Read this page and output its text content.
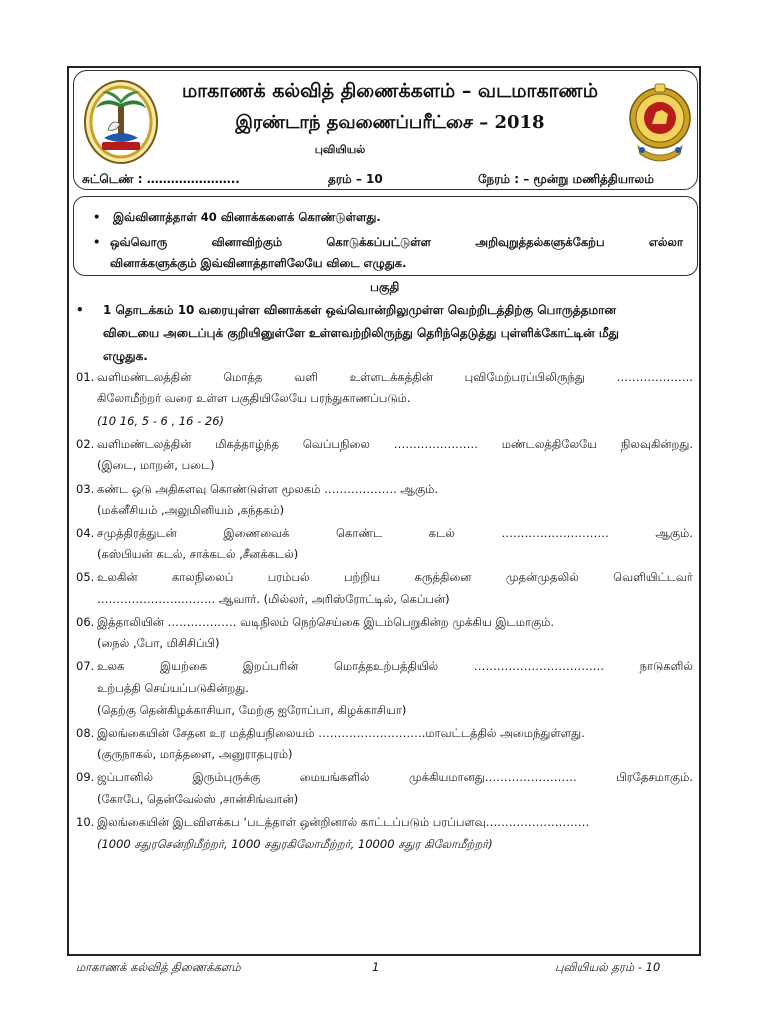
மாகாணக் கல்வித் திணைக்களம் – வடமாகாணம்
இரண்டாந் தவணைப்பரீட்சை – 2018
புவியியல்
சுட்டெண் : …………………..	தரம் – 10	நேரம் : – மூன்று மணித்தியாலம்
• இவ்வினாத்தாள் 40 வினாக்களைக் கொண்டுள்ளது.
• ஒவ்வொரு	வினாவிற்கும்	கொடுக்கப்பட்டுள்ள	அறிவுறுத்தல்களுக்கேற்ப	எல்லா
வினாக்களுக்கும் இவ்வினாத்தாளிலேயே விடை எழுதுக.
பகுதி
• 1 தொடக்கம் 10 வரையுள்ள வினாக்கள் ஒவ்வொன்றிலுமுள்ள வெற்றிடத்திற்கு பொருத்தமான
விடையை அடைப்புக் குறியினுள்ளே உள்ளவற்றிலிருந்து தெரிந்தெடுத்து புள்ளிக்கோட்டின் மீது
எழுதுக.
01. வளிமண்டலத்தின்	மொத்த	வளி	உள்ளடக்கத்தின்	புவிமேற்பரப்பிலிருந்து	………………..
கிலோமீற்றர் வரை உள்ள பகுதியிலேயே பரந்துகாணப்படும்.
(10 16, 5 - 6 , 16 - 26)
02. வளிமண்டலத்தின் மிகத்தாழ்ந்த வெப்பநிலை …………………. மண்டலத்திலேயே நிலவுகின்றது.
(இடை, மாறன், படை)
03. கண்ட ஒடு அதிகளவு கொண்டுள்ள மூலகம் ………………. ஆகும்.
(மக்னீசியம் ,அலுமினியம் ,கந்தகம்)
04. சமுத்திரத்துடன்	இணைவைக்	கொண்ட	கடல்	……………………….	ஆகும்.
(கஸ்பியன் கடல், சாக்கடல் ,சீனக்கடல்)
05. உலகின்	காலநிலைப்	பரம்பல்	பற்றிய	கருத்தினை	முதன்முதலில்	வெளியிட்டவர்
…………………..…….. ஆவார். (மில்லர், அரிஸ்ரோட்டில், கெப்பன்)
06. இத்தாலியின் ……………… வடிநிலம் நெற்செய்கை இடம்பெறுகின்ற முக்கிய இடமாகும்.
(நைல் ,போ, மிசிசிப்பி)
07. உலக	இயற்கை	இறப்பரின்	மொத்தஉற்பத்தியில்	…………………………….	நாடுகளில்
உற்பத்தி செய்யப்படுகின்றது.
(தெற்கு தென்கிழக்காசியா, மேற்கு ஐரோப்பா, கிழக்காசியா)
08. இலங்கையின் சேதன உர மத்தியநிலையம் ……………………….மாவட்டத்தில் அமைந்துள்ளது.
(குருநாகல், மாத்தளை, அனுராதபுரம்)
09. ஜப்பானில்	இரும்புருக்கு	மையங்களில்	முக்கியமானது……………………	பிரதேசமாகும்.
(கோபே, தென்வேல்ஸ் ,சான்சிங்வான்)
10. இலங்கையின் இடவிளக்கப ‘படத்தாள் ஒன்றினால் காட்டப்படும் பரப்பளவு………………………
(1000 சதுரசென்றிமீற்றர், 1000 சதுரகிலோமீற்றர், 10000 சதுர கிலோமீற்றர்)
மாகாணக் கல்வித் திணைக்களம்	1	புவியியல் தரம் - 10
